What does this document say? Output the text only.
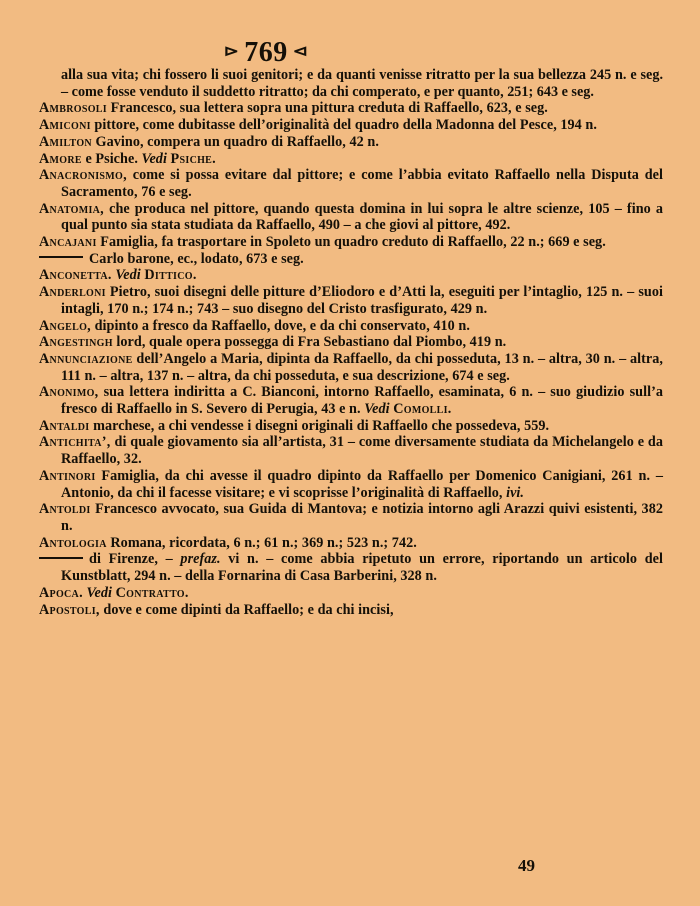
⊳ 769 ⊲

alla sua vita; chi fossero li suoi genitori; e da quanti venisse ritratto per la sua bellezza 245 n. e seg. – come fosse venduto il suddetto ritratto; da chi comperato, e per quanto, 251; 643 e seg.

Ambrosoli Francesco, sua lettera sopra una pittura creduta di Raffaello, 623, e seg.

Amiconi pittore, come dubitasse dell’originalità del quadro della Madonna del Pesce, 194 n.

Amilton Gavino, compera un quadro di Raffaello, 42 n.

Amore e Psiche. Vedi Psiche.

Anacronismo, come si possa evitare dal pittore; e come l’abbia evitato Raffaello nella Disputa del Sacramento, 76 e seg.

Anatomia, che produca nel pittore, quando questa domina in lui sopra le altre scienze, 105 – fino a qual punto sia stata studiata da Raffaello, 490 – a che giovi al pittore, 492.

Ancajani Famiglia, fa trasportare in Spoleto un quadro creduto di Raffaello, 22 n.; 669 e seg.

Carlo barone, ec., lodato, 673 e seg.

Anconetta. Vedi Dittico.

Anderloni Pietro, suoi disegni delle pitture d’Eliodoro e d’Atti la, eseguiti per l’intaglio, 125 n. – suoi intagli, 170 n.; 174 n.; 743 – suo disegno del Cristo trasfigurato, 429 n.

Angelo, dipinto a fresco da Raffaello, dove, e da chi conservato, 410 n.

Angestingh lord, quale opera possegga di Fra Sebastiano dal Piombo, 419 n.

Annunciazione dell’Angelo a Maria, dipinta da Raffaello, da chi posseduta, 13 n. – altra, 30 n. – altra, 111 n. – altra, 137 n. – altra, da chi posseduta, e sua descrizione, 674 e seg.

Anonimo, sua lettera indiritta a C. Bianconi, intorno Raffaello, esaminata, 6 n. – suo giudizio sull’a fresco di Raffaello in S. Severo di Perugia, 43 e n. Vedi Comolli.

Antaldi marchese, a chi vendesse i disegni originali di Raffaello che possedeva, 559.

Antichita’, di quale giovamento sia all’artista, 31 – come diversamente studiata da Michelangelo e da Raffaello, 32.

Antinori Famiglia, da chi avesse il quadro dipinto da Raffaello per Domenico Canigiani, 261 n. – Antonio, da chi il facesse visitare; e vi scoprisse l’originalità di Raffaello, ivi.

Antoldi Francesco avvocato, sua Guida di Mantova; e notizia intorno agli Arazzi quivi esistenti, 382 n.

Antologia Romana, ricordata, 6 n.; 61 n.; 369 n.; 523 n.; 742.

di Firenze, – prefaz. vi n. – come abbia ripetuto un errore, riportando un articolo del Kunstblatt, 294 n. – della Fornarina di Casa Barberini, 328 n.

Apoca. Vedi Contratto.

Apostoli, dove e come dipinti da Raffaello; e da chi incisi,

49
